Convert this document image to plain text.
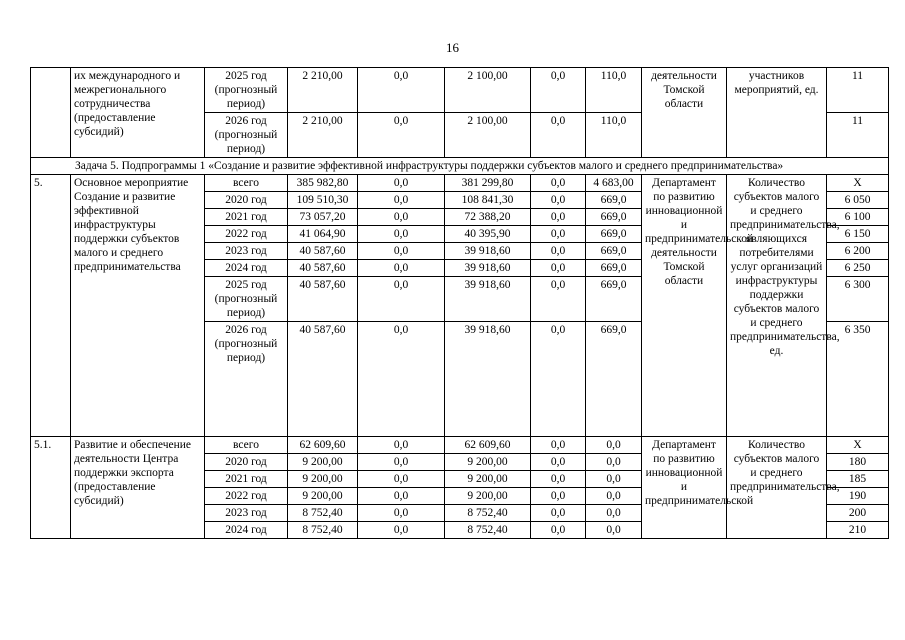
16
	их международного и межрегионального сотрудничества (предоставление субсидий)	2025 год (прогнозный период)	2 210,00	0,0	2 100,00	0,0	110,0	деятельности Томской области	участников мероприятий, ед.	11
		2026 год (прогнозный период)	2 210,00	0,0	2 100,00	0,0	110,0			11
Задача 5. Подпрограммы 1 «Создание и развитие эффективной инфраструктуры поддержки субъектов малого и среднего предпринимательства»										
5.	Основное мероприятие Создание и развитие эффективной инфраструктуры поддержки субъектов малого и среднего предпринимательства	всего	385 982,80	0,0	381 299,80	0,0	4 683,00	Департамент по развитию инновационной и предпринимательской деятельности Томской области	Количество субъектов малого и среднего предпринимательства, являющихся потребителями услуг организаций инфраструктуры поддержки субъектов малого и среднего предпринимательства, ед.	X
		2020 год	109 510,30	0,0	108 841,30	0,0	669,0			6 050
		2021 год	73 057,20	0,0	72 388,20	0,0	669,0			6 100
		2022 год	41 064,90	0,0	40 395,90	0,0	669,0			6 150
		2023 год	40 587,60	0,0	39 918,60	0,0	669,0			6 200
		2024 год	40 587,60	0,0	39 918,60	0,0	669,0			6 250
		2025 год (прогнозный период)	40 587,60	0,0	39 918,60	0,0	669,0			6 300
		2026 год (прогнозный период)	40 587,60	0,0	39 918,60	0,0	669,0			6 350
5.1.	Развитие и обеспечение деятельности Центра поддержки экспорта (предоставление субсидий)	всего	62 609,60	0,0	62 609,60	0,0	0,0	Департамент по развитию инновационной и предпринимательской	Количество субъектов малого и среднего предпринимательства,	X
		2020 год	9 200,00	0,0	9 200,00	0,0	0,0			180
		2021 год	9 200,00	0,0	9 200,00	0,0	0,0			185
		2022 год	9 200,00	0,0	9 200,00	0,0	0,0			190
		2023 год	8 752,40	0,0	8 752,40	0,0	0,0			200
		2024 год	8 752,40	0,0	8 752,40	0,0	0,0			210
